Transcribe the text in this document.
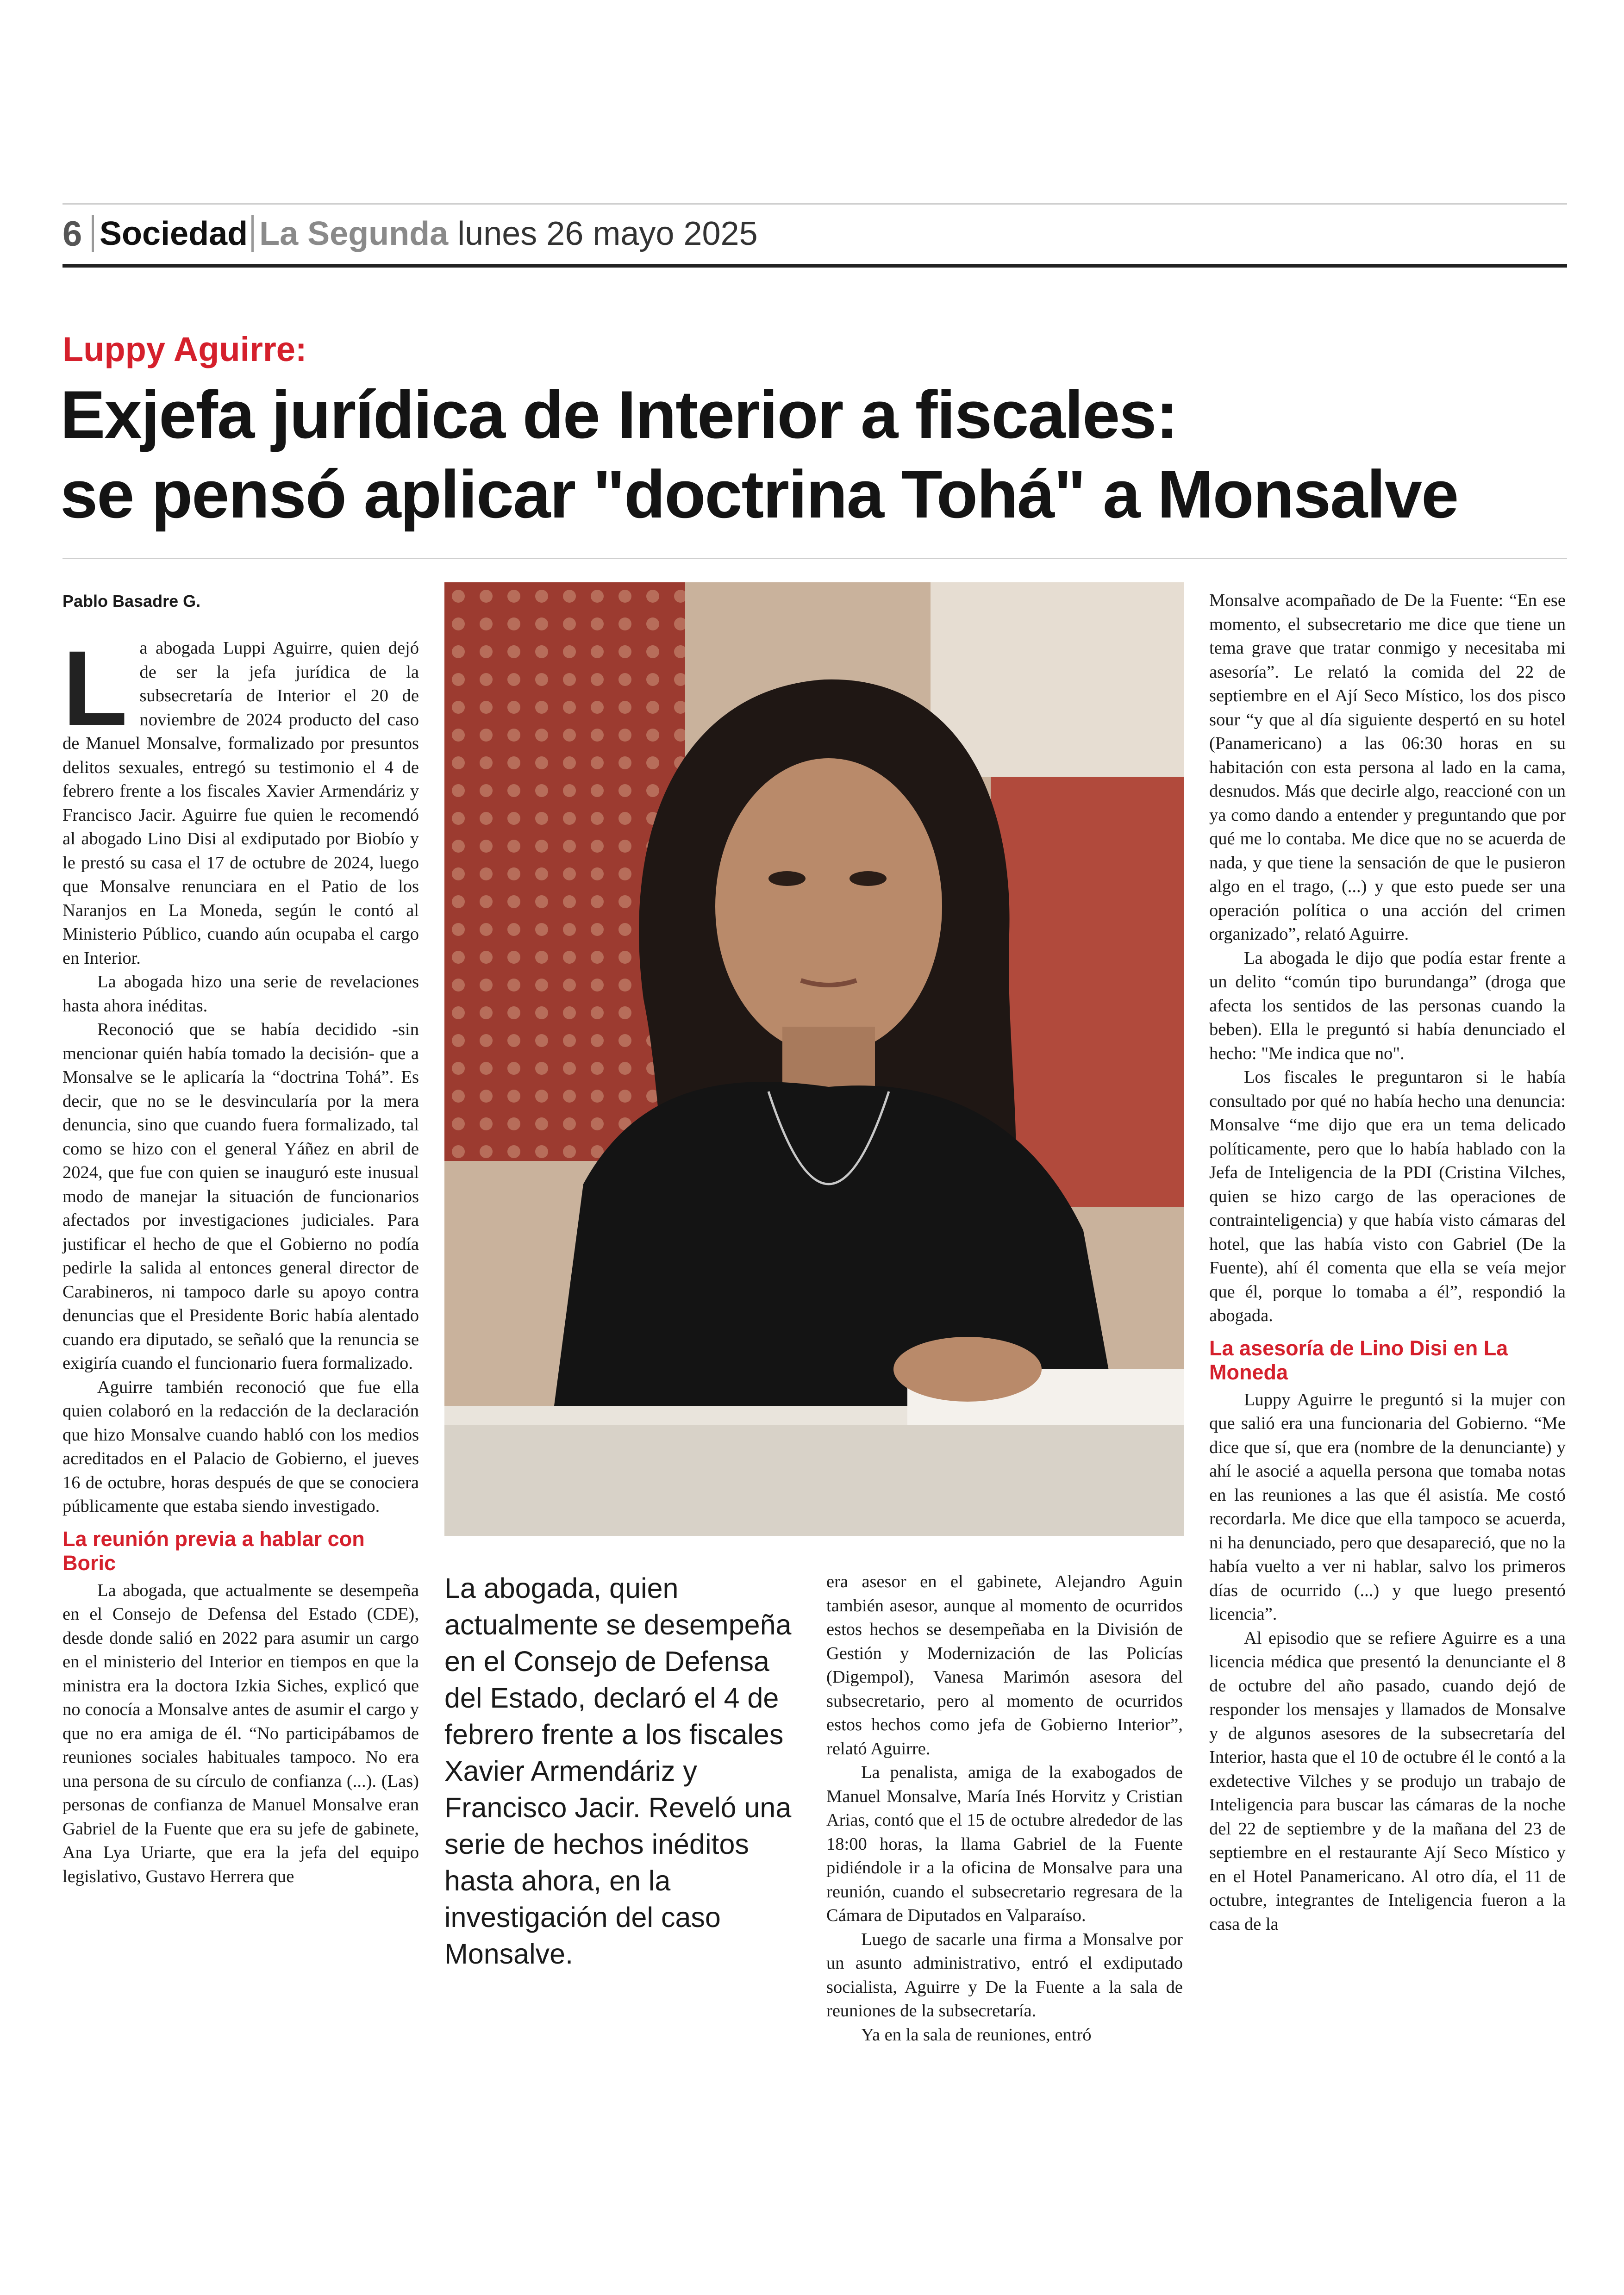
6 Sociedad La Segunda lunes 26 mayo 2025
Luppy Aguirre:
Exjefa jurídica de Interior a fiscales:
se pensó aplicar "doctrina Tohá" a Monsalve
Pablo Basadre G.
L a abogada Luppi Aguirre, quien dejó de ser la jefa jurídica de la subsecretaría de Interior el 20 de noviembre de 2024 producto del caso de Manuel Monsalve, formalizado por presuntos delitos sexuales, entregó su testimonio el 4 de febrero frente a los fiscales Xavier Armendáriz y Francisco Jacir. Aguirre fue quien le recomendó al abogado Lino Disi al exdiputado por Biobío y le prestó su casa el 17 de octubre de 2024, luego que Monsalve renunciara en el Patio de los Naranjos en La Moneda, según le contó al Ministerio Público, cuando aún ocupaba el cargo en Interior.

La abogada hizo una serie de revelaciones hasta ahora inéditas.

Reconoció que se había decidido -sin mencionar quién había tomado la decisión- que a Monsalve se le aplicaría la “doctrina Tohá”. Es decir, que no se le desvincularía por la mera denuncia, sino que cuando fuera formalizado, tal como se hizo con el general Yáñez en abril de 2024, que fue con quien se inauguró este inusual modo de manejar la situación de funcionarios afectados por investigaciones judiciales. Para justificar el hecho de que el Gobierno no podía pedirle la salida al entonces general director de Carabineros, ni tampoco darle su apoyo contra denuncias que el Presidente Boric había alentado cuando era diputado, se señaló que la renuncia se exigiría cuando el funcionario fuera formalizado.

Aguirre también reconoció que fue ella quien colaboró en la redacción de la declaración que hizo Monsalve cuando habló con los medios acreditados en el Palacio de Gobierno, el jueves 16 de octubre, horas después de que se conociera públicamente que estaba siendo investigado.

La reunión previa a hablar con Boric

La abogada, que actualmente se desempeña en el Consejo de Defensa del Estado (CDE), desde donde salió en 2022 para asumir un cargo en el ministerio del Interior en tiempos en que la ministra era la doctora Izkia Siches, explicó que no conocía a Monsalve antes de asumir el cargo y que no era amiga de él. “No participábamos de reuniones sociales habituales tampoco. No era una persona de su círculo de confianza (...). (Las) personas de confianza de Manuel Monsalve eran Gabriel de la Fuente que era su jefe de gabinete, Ana Lya Uriarte, que era la jefa del equipo legislativo, Gustavo Herrera que

La abogada, quien actualmente se desempeña en el Consejo de Defensa del Estado, declaró el 4 de febrero frente a los fiscales Xavier Armendáriz y Francisco Jacir. Reveló una serie de hechos inéditos hasta ahora, en la investigación del caso Monsalve.

era asesor en el gabinete, Alejandro Aguin también asesor, aunque al momento de ocurridos estos hechos se desempeñaba en la División de Gestión y Modernización de las Policías (Digempol), Vanesa Marimón asesora del subsecretario, pero al momento de ocurridos estos hechos como jefa de Gobierno Interior”, relató Aguirre.

La penalista, amiga de la exabogados de Manuel Monsalve, María Inés Horvitz y Cristian Arias, contó que el 15 de octubre alrededor de las 18:00 horas, la llama Gabriel de la Fuente pidiéndole ir a la oficina de Monsalve para una reunión, cuando el subsecretario regresara de la Cámara de Diputados en Valparaíso.

Luego de sacarle una firma a Monsalve por un asunto administrativo, entró el exdiputado socialista, Aguirre y De la Fuente a la sala de reuniones de la subsecretaría.

Ya en la sala de reuniones, entró

Monsalve acompañado de De la Fuente: “En ese momento, el subsecretario me dice que tiene un tema grave que tratar conmigo y necesitaba mi asesoría”. Le relató la comida del 22 de septiembre en el Ají Seco Místico, los dos pisco sour “y que al día siguiente despertó en su hotel (Panamericano) a las 06:30 horas en su habitación con esta persona al lado en la cama, desnudos. Más que decirle algo, reaccioné con un ya como dando a entender y preguntando que por qué me lo contaba. Me dice que no se acuerda de nada, y que tiene la sensación de que le pusieron algo en el trago, (...) y que esto puede ser una operación política o una acción del crimen organizado”, relató Aguirre.

La abogada le dijo que podía estar frente a un delito “común tipo burundanga” (droga que afecta los sentidos de las personas cuando la beben). Ella le preguntó si había denunciado el hecho: "Me indica que no".

Los fiscales le preguntaron si le había consultado por qué no había hecho una denuncia: Monsalve “me dijo que era un tema delicado políticamente, pero que lo había hablado con la Jefa de Inteligencia de la PDI (Cristina Vilches, quien se hizo cargo de las operaciones de contrainteligencia) y que había visto cámaras del hotel, que las había visto con Gabriel (De la Fuente), ahí él comenta que ella se veía mejor que él, porque lo tomaba a él”, respondió la abogada.

La asesoría de Lino Disi en La Moneda

Luppy Aguirre le preguntó si la mujer con que salió era una funcionaria del Gobierno. “Me dice que sí, que era (nombre de la denunciante) y ahí le asocié a aquella persona que tomaba notas en las reuniones a las que él asistía. Me costó recordarla. Me dice que ella tampoco se acuerda, ni ha denunciado, pero que desapareció, que no la había vuelto a ver ni hablar, salvo los primeros días de ocurrido (...) y que luego presentó licencia”.

Al episodio que se refiere Aguirre es a una licencia médica que presentó la denunciante el 8 de octubre del año pasado, cuando dejó de responder los mensajes y llamados de Monsalve y de algunos asesores de la subsecretaría del Interior, hasta que el 10 de octubre él le contó a la exdetective Vilches y se produjo un trabajo de Inteligencia para buscar las cámaras de la noche del 22 de septiembre y de la mañana del 23 de septiembre en el restaurante Ají Seco Místico y en el Hotel Panamericano. Al otro día, el 11 de octubre, integrantes de Inteligencia fueron a la casa de la
